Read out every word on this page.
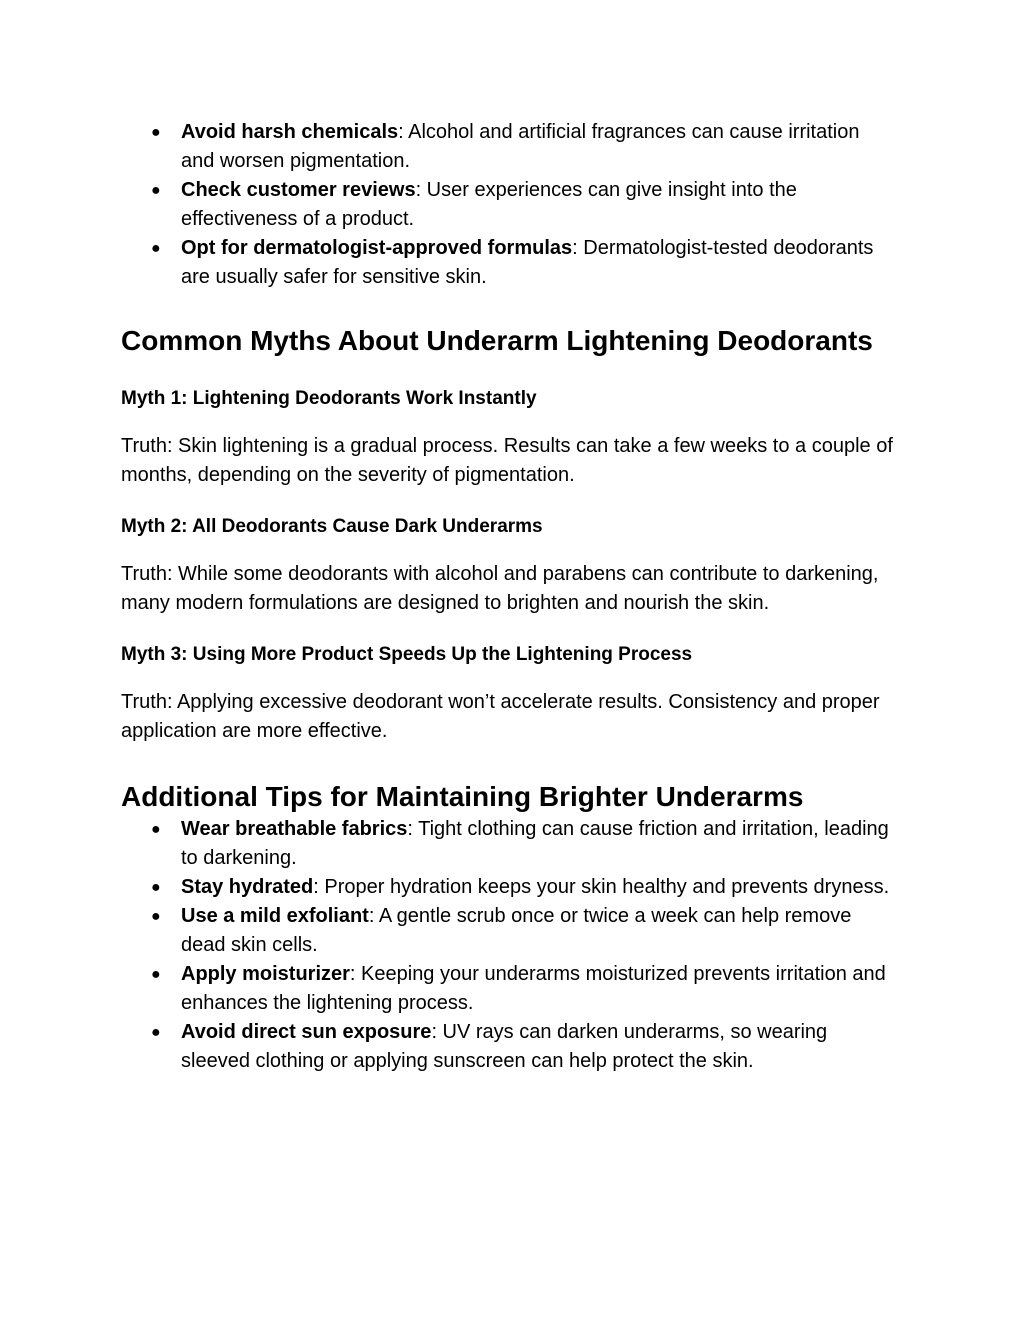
● Avoid harsh chemicals: Alcohol and artificial fragrances can cause irritation and worsen pigmentation.
● Check customer reviews: User experiences can give insight into the effectiveness of a product.
● Opt for dermatologist-approved formulas: Dermatologist-tested deodorants are usually safer for sensitive skin.
Common Myths About Underarm Lightening Deodorants
Myth 1: Lightening Deodorants Work Instantly

Truth: Skin lightening is a gradual process. Results can take a few weeks to a couple of months, depending on the severity of pigmentation.

Myth 2: All Deodorants Cause Dark Underarms

Truth: While some deodorants with alcohol and parabens can contribute to darkening, many modern formulations are designed to brighten and nourish the skin.

Myth 3: Using More Product Speeds Up the Lightening Process

Truth: Applying excessive deodorant won’t accelerate results. Consistency and proper application are more effective.

Additional Tips for Maintaining Brighter Underarms
● Wear breathable fabrics: Tight clothing can cause friction and irritation, leading to darkening.
● Stay hydrated: Proper hydration keeps your skin healthy and prevents dryness.
● Use a mild exfoliant: A gentle scrub once or twice a week can help remove dead skin cells.
● Apply moisturizer: Keeping your underarms moisturized prevents irritation and enhances the lightening process.
● Avoid direct sun exposure: UV rays can darken underarms, so wearing sleeved clothing or applying sunscreen can help protect the skin.
